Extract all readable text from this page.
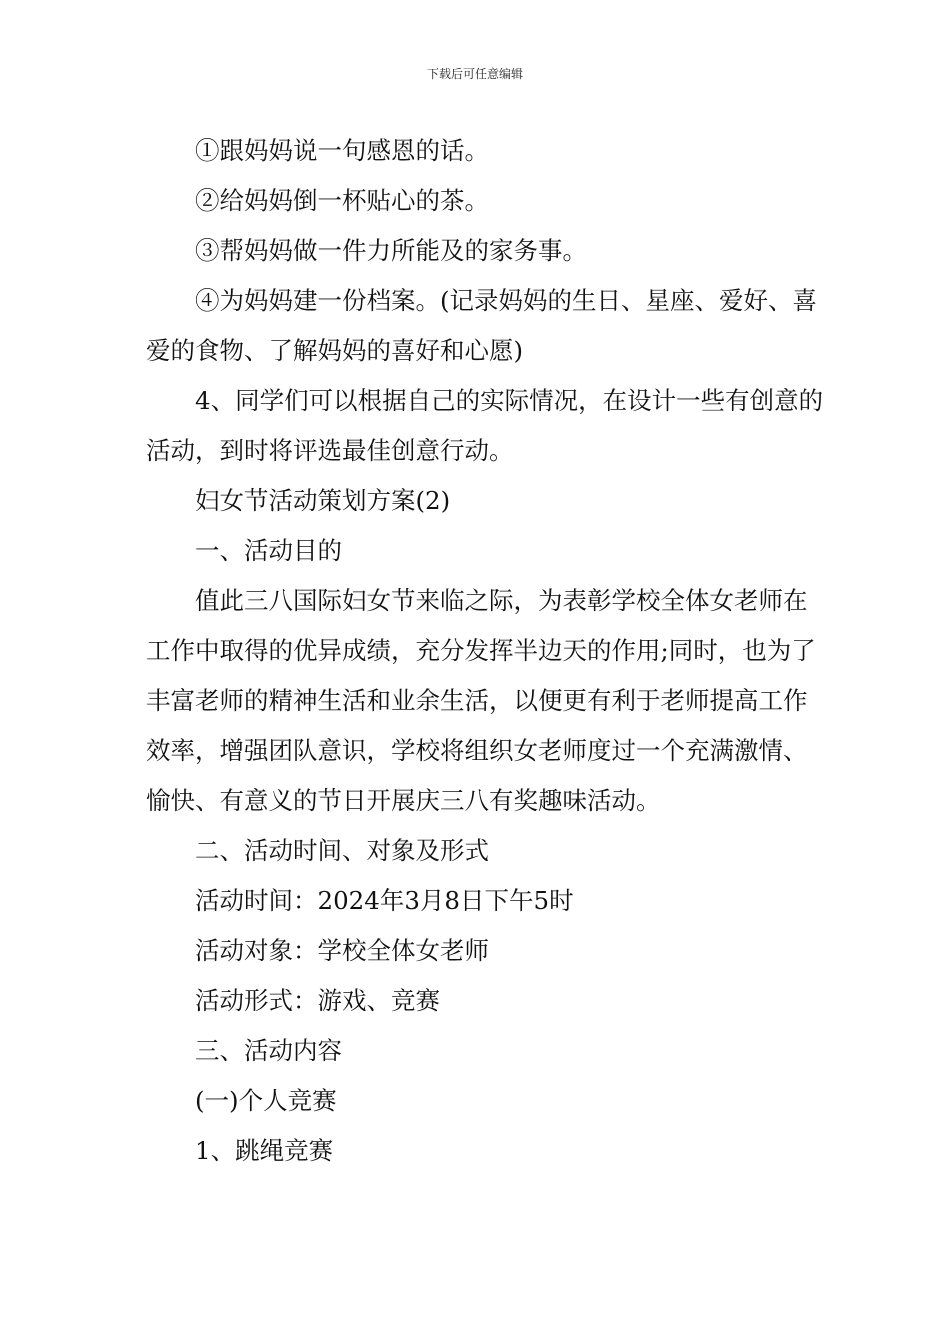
下载后可任意编辑

①跟妈妈说一句感恩的话。

②给妈妈倒一杯贴心的茶。

③帮妈妈做一件力所能及的家务事。

④为妈妈建一份档案。(记录妈妈的生日、星座、爱好、喜爱的食物、了解妈妈的喜好和心愿)

4、同学们可以根据自己的实际情况，在设计一些有创意的活动，到时将评选最佳创意行动。

妇女节活动策划方案(2)

一、活动目的

值此三八国际妇女节来临之际，为表彰学校全体女老师在工作中取得的优异成绩，充分发挥半边天的作用;同时，也为了丰富老师的精神生活和业余生活，以便更有利于老师提高工作效率，增强团队意识，学校将组织女老师度过一个充满激情、愉快、有意义的节日开展庆三八有奖趣味活动。

二、活动时间、对象及形式

活动时间：2024年3月8日下午5时

活动对象：学校全体女老师

活动形式：游戏、竞赛

三、活动内容

(一)个人竞赛

1、跳绳竞赛
